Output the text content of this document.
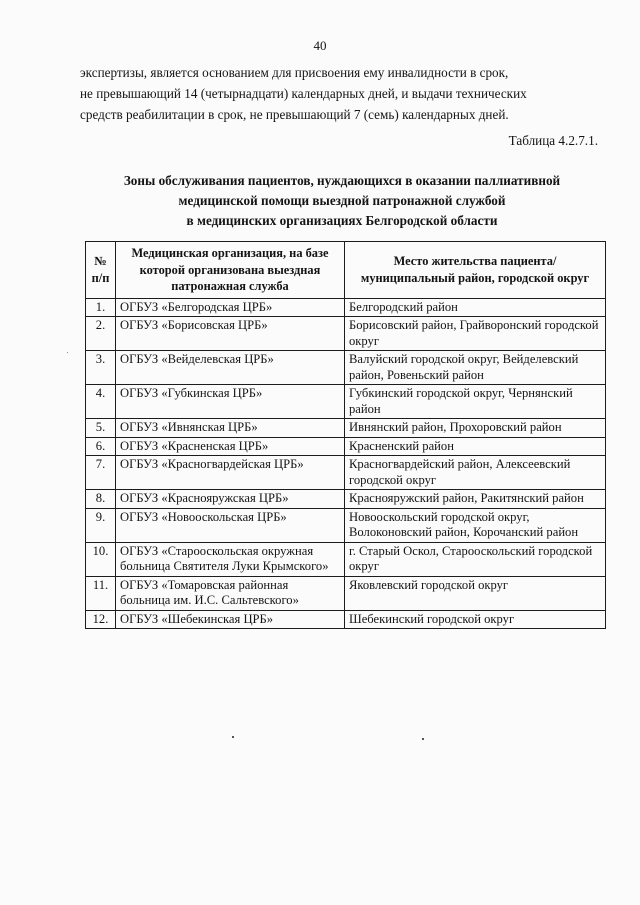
40

экспертизы, является основанием для присвоения ему инвалидности в срок,

не превышающий 14 (четырнадцати) календарных дней, и выдачи технических

средств реабилитации в срок, не превышающий 7 (семь) календарных дней.

Таблица 4.2.7.1.
Зоны обслуживания пациентов, нуждающихся в оказании паллиативной
медицинской помощи выездной патронажной службой
в медицинских организациях Белгородской области
№ п/п	Медицинская организация, на базе которой организована выездная патронажная служба	Место жительства пациента/муниципальный район, городской округ
1.	ОГБУЗ «Белгородская ЦРБ»	Белгородский район
2.	ОГБУЗ «Борисовская ЦРБ»	Борисовский район, Грайворонский городской округ
3.	ОГБУЗ «Вейделевская ЦРБ»	Валуйский городской округ, Вейделевский район, Ровеньский район
4.	ОГБУЗ «Губкинская ЦРБ»	Губкинский городской округ, Чернянский район
5.	ОГБУЗ «Ивнянская ЦРБ»	Ивнянский район, Прохоровский район
6.	ОГБУЗ «Красненская ЦРБ»	Красненский район
7.	ОГБУЗ «Красногвардейская ЦРБ»	Красногвардейский район, Алексеевский городской округ
8.	ОГБУЗ «Краснояружская ЦРБ»	Краснояружский район, Ракитянский район
9.	ОГБУЗ «Новооскольская ЦРБ»	Новооскольский городской округ, Волоконовский район, Корочанский район
10.	ОГБУЗ «Старооскольская окружная больница Святителя Луки Крымского»	г. Старый Оскол, Старооскольский городской округ
11.	ОГБУЗ «Томаровская районная больница им. И.С. Сальтевского»	Яковлевский городской округ
12.	ОГБУЗ «Шебекинская ЦРБ»	Шебекинский городской округ
